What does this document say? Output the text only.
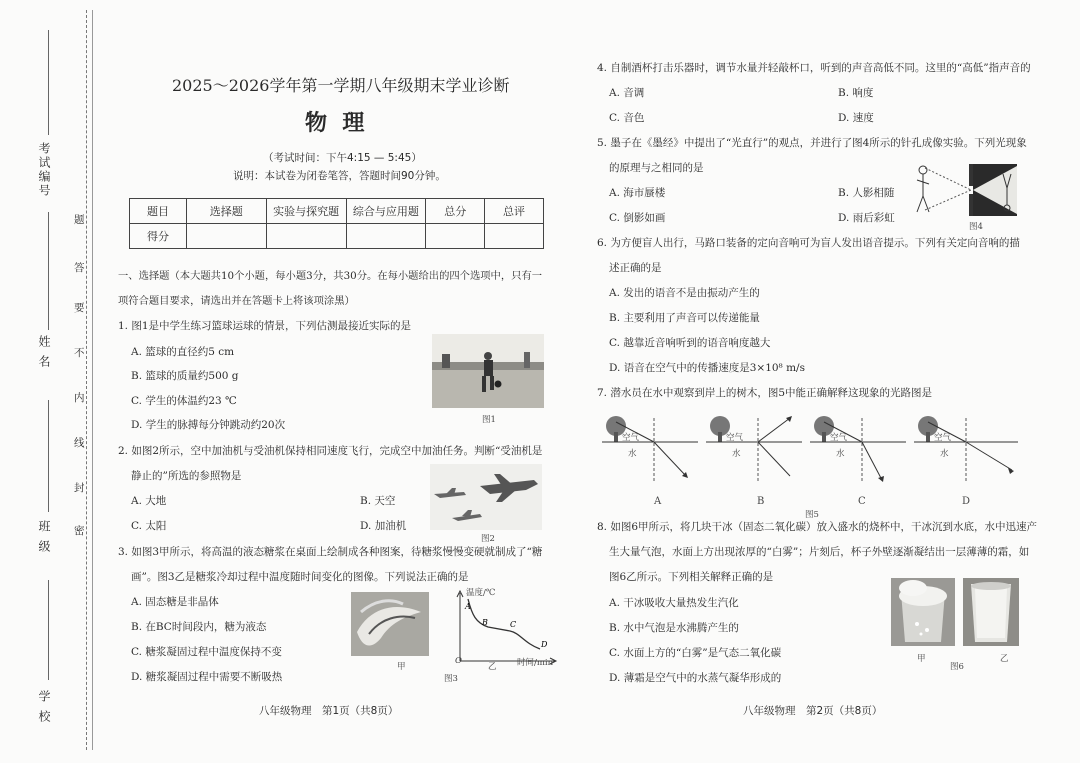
考试编号
姓 名
班 级
学 校
题
答
要
不
内
线
封
密
2025～2026学年第一学期八年级期末学业诊断
物  理
（考试时间：下午4:15 — 5:45）
说明：本试卷为闭卷笔答，答题时间90分钟。
题目	选择题	实验与探究题	综合与应用题	总分	总评
得分					
一、选择题（本大题共10个小题，每小题3分，共30分。在每小题给出的四个选项中，只有一
项符合题目要求，请选出并在答题卡上将该项涂黑）
1. 图1是中学生练习篮球运球的情景，下列估测最接近实际的是
A. 篮球的直径约5 cm
B. 篮球的质量约500 g
C. 学生的体温约23 ℃
D. 学生的脉搏每分钟跳动约20次	图1
2. 如图2所示，空中加油机与受油机保持相同速度飞行，完成空中加油任务。判断“受油机是
静止的”所选的参照物是
A. 大地	B. 天空
C. 太阳	D. 加油机
图2
3. 如图3甲所示，将高温的液态糖浆在桌面上绘制成各种图案，待糖浆慢慢变硬就制成了“糖
画”。图3乙是糖浆冷却过程中温度随时间变化的图像。下列说法正确的是
A. 固态糖是非晶体
B. 在BC时间段内，糖为液态
C. 糖浆凝固过程中温度保持不变
D. 糖浆凝固过程中需要不断吸热
甲
A
B	C
D
温度/℃
O	时间/min
乙
图3
八年级物理　第1页（共8页）
4. 自制酒杯打击乐器时，调节水量并轻敲杯口，听到的声音高低不同。这里的“高低”指声音的
A. 音调	B. 响度
C. 音色	D. 速度
5. 墨子在《墨经》中提出了“光直行”的观点，并进行了图4所示的针孔成像实验。下列光现象
的原理与之相同的是
A. 海市蜃楼	B. 人影相随
C. 倒影如画	D. 雨后彩虹
图4
6. 为方便盲人出行，马路口装备的定向音响可为盲人发出语音提示。下列有关定向音响的描
述正确的是
A. 发出的语音不是由振动产生的
B. 主要利用了声音可以传递能量
C. 越靠近音响听到的语音响度越大
D. 语音在空气中的传播速度是3×10⁸ m/s
7. 潜水员在水中观察到岸上的树木，图5中能正确解释这现象的光路图是
空气
水
空气
水
空气
水
空气
水
A	B	C	D
图5
8. 如图6甲所示，将几块干冰（固态二氧化碳）放入盛水的烧杯中，干冰沉到水底，水中迅速产
生大量气泡，水面上方出现浓厚的“白雾”；片刻后，杯子外壁逐渐凝结出一层薄薄的霜，如
图6乙所示。下列相关解释正确的是
A. 干冰吸收大量热发生汽化
B. 水中气泡是水沸腾产生的
C. 水面上方的“白雾”是气态二氧化碳
D. 薄霜是空气中的水蒸气凝华形成的
甲
图6
乙
八年级物理　第2页（共8页）
